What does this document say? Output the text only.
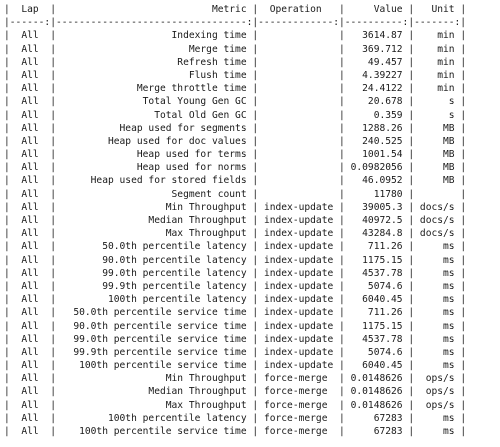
|  Lap  |                           Metric |  Operation   |     Value |   Unit |
|------:|---------------------------------:|-------------:|----------:|-------:|
|  All  |                    Indexing time |	|   3614.87 |    min |
|  All  |                       Merge time |	|   369.712 |    min |
|  All  |                     Refresh time |	|    49.457 |    min |
|  All  |                       Flush time |	|   4.39227 |    min |
|  All  |              Merge throttle time |	|   24.4122 |    min |
|  All  |               Total Young Gen GC |	|    20.678 |      s |
|  All  |                 Total Old Gen GC |	|     0.359 |      s |
|  All  |           Heap used for segments |	|   1288.26 |     MB |
|  All  |         Heap used for doc values |	|   240.525 |     MB |
|  All  |              Heap used for terms |	|   1001.54 |     MB |
|  All  |              Heap used for norms |	| 0.0982056 |     MB |
|  All  |      Heap used for stored fields |	|   46.0952 |     MB |
|  All  |                    Segment count |	|     11780 |	|
|  All  |                   Min Throughput | index-update |   39005.3 | docs/s |
|  All  |                Median Throughput | index-update |   40972.5 | docs/s |
|  All  |                   Max Throughput | index-update |   43284.8 | docs/s |
|  All  |        50.0th percentile latency | index-update |    711.26 |     ms |
|  All  |        90.0th percentile latency | index-update |   1175.15 |     ms |
|  All  |        99.0th percentile latency | index-update |   4537.78 |     ms |
|  All  |        99.9th percentile latency | index-update |    5074.6 |     ms |
|  All  |         100th percentile latency | index-update |   6040.45 |     ms |
|  All  |   50.0th percentile service time | index-update |    711.26 |     ms |
|  All  |   90.0th percentile service time | index-update |   1175.15 |     ms |
|  All  |   99.0th percentile service time | index-update |   4537.78 |     ms |
|  All  |   99.9th percentile service time | index-update |    5074.6 |     ms |
|  All  |    100th percentile service time | index-update |   6040.45 |     ms |
|  All  |                   Min Throughput | force-merge  | 0.0148626 |  ops/s |
|  All  |                Median Throughput | force-merge  | 0.0148626 |  ops/s |
|  All  |                   Max Throughput | force-merge  | 0.0148626 |  ops/s |
|  All  |         100th percentile latency | force-merge  |     67283 |     ms |
|  All  |    100th percentile service time | force-merge  |     67283 |     ms |
